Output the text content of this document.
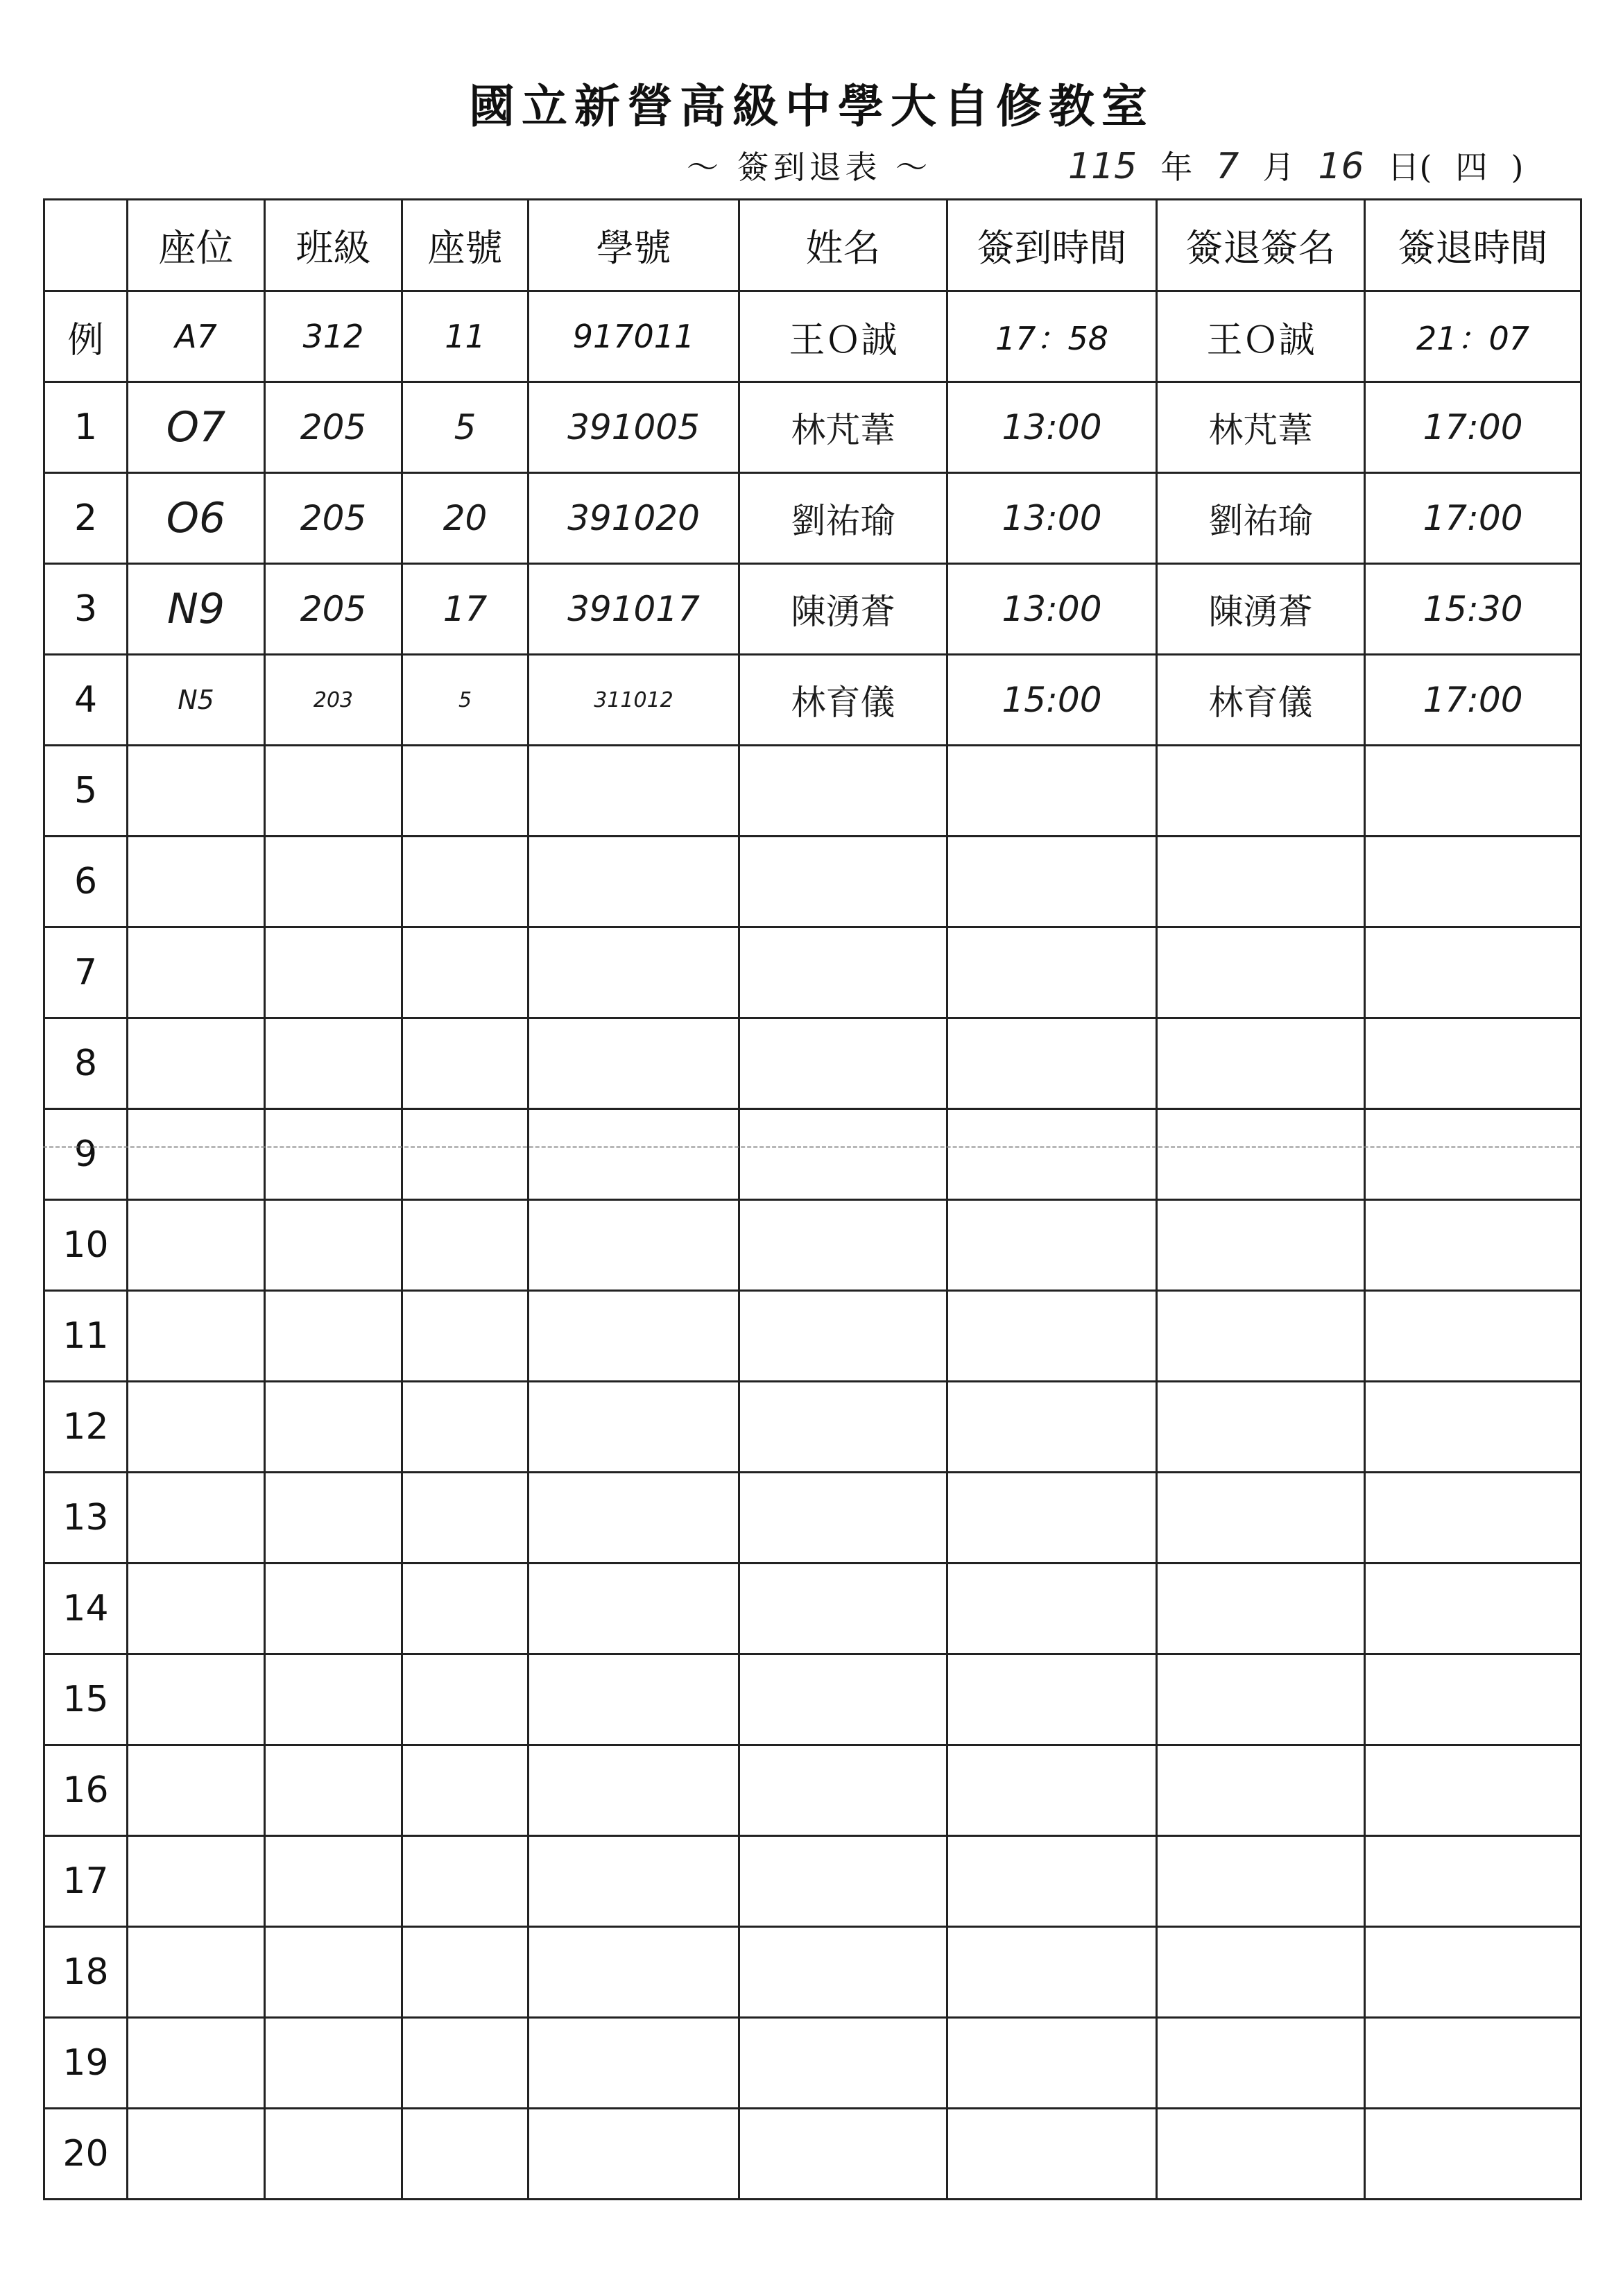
國立新營高級中學大自修教室
〜 簽到退表 〜	115 年 7 月 16 日 ( 四 )
	座位	班級	座號	學號	姓名	簽到時間	簽退簽名	簽退時間
例	A7	312	11	917011	王Ｏ誠	17：58	王Ｏ誠	21：07
1	O7	205	5	391005	林芃葦	13:00	林芃葦	17:00
2	O6	205	20	391020	劉祐瑜	13:00	劉祐瑜	17:00
3	N9	205	17	391017	陳湧蒼	13:00	陳湧蒼	15:30
4	N5	203	5	311012	林育儀	15:00	林育儀	17:00
5								
6								
7								
8								
9								
10								
11								
12								
13								
14								
15								
16								
17								
18								
19								
20								
